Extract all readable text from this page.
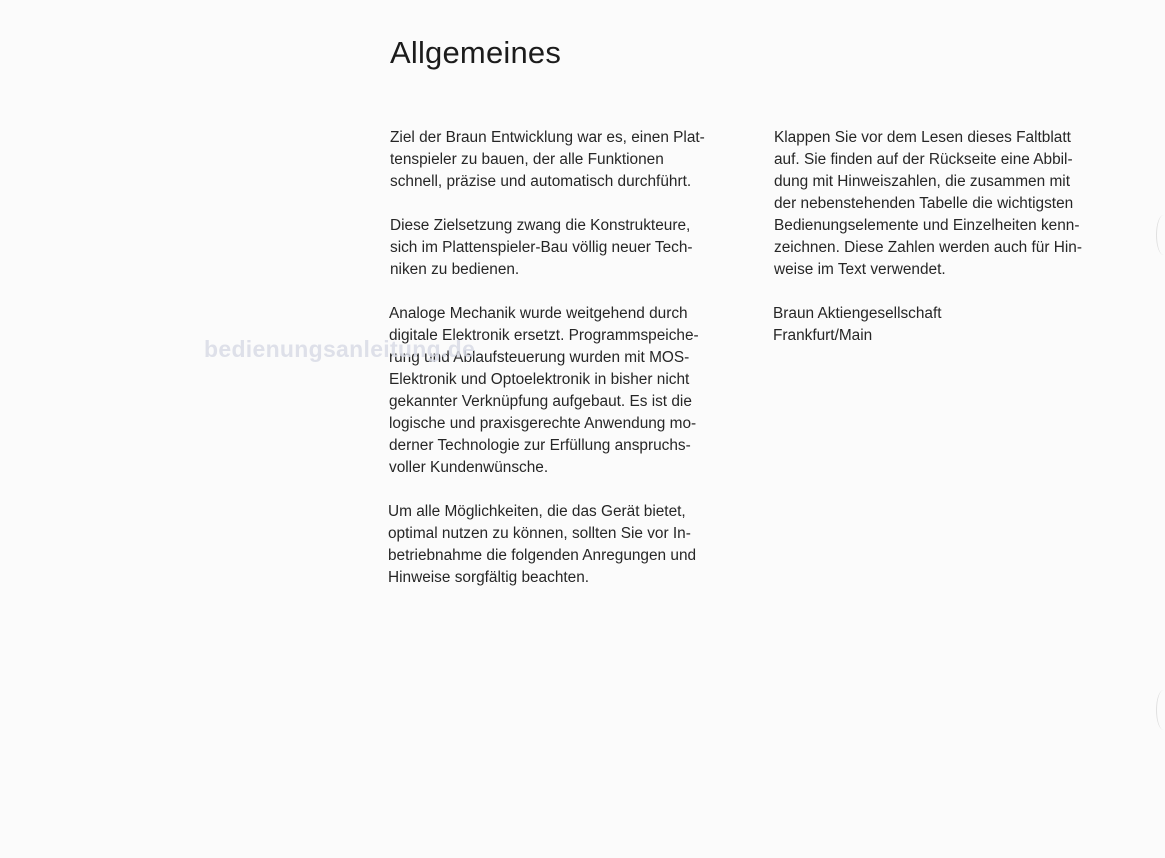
Allgemeines

Ziel der Braun Entwicklung war es, einen Plat-
tenspieler zu bauen, der alle Funktionen
schnell, präzise und automatisch durchführt.

Diese Zielsetzung zwang die Konstrukteure,
sich im Plattenspieler-Bau völlig neuer Tech-
niken zu bedienen.

Analoge Mechanik wurde weitgehend durch
digitale Elektronik ersetzt. Programmspeiche-
rung und Ablaufsteuerung wurden mit MOS-
Elektronik und Optoelektronik in bisher nicht
gekannter Verknüpfung aufgebaut. Es ist die
logische und praxisgerechte Anwendung mo-
derner Technologie zur Erfüllung anspruchs-
voller Kundenwünsche.

Um alle Möglichkeiten, die das Gerät bietet,
optimal nutzen zu können, sollten Sie vor In-
betriebnahme die folgenden Anregungen und
Hinweise sorgfältig beachten.

Klappen Sie vor dem Lesen dieses Faltblatt
auf. Sie finden auf der Rückseite eine Abbil-
dung mit Hinweiszahlen, die zusammen mit
der nebenstehenden Tabelle die wichtigsten
Bedienungselemente und Einzelheiten kenn-
zeichnen. Diese Zahlen werden auch für Hin-
weise im Text verwendet.

Braun Aktiengesellschaft
Frankfurt/Main

bedienungsanleitung.de
